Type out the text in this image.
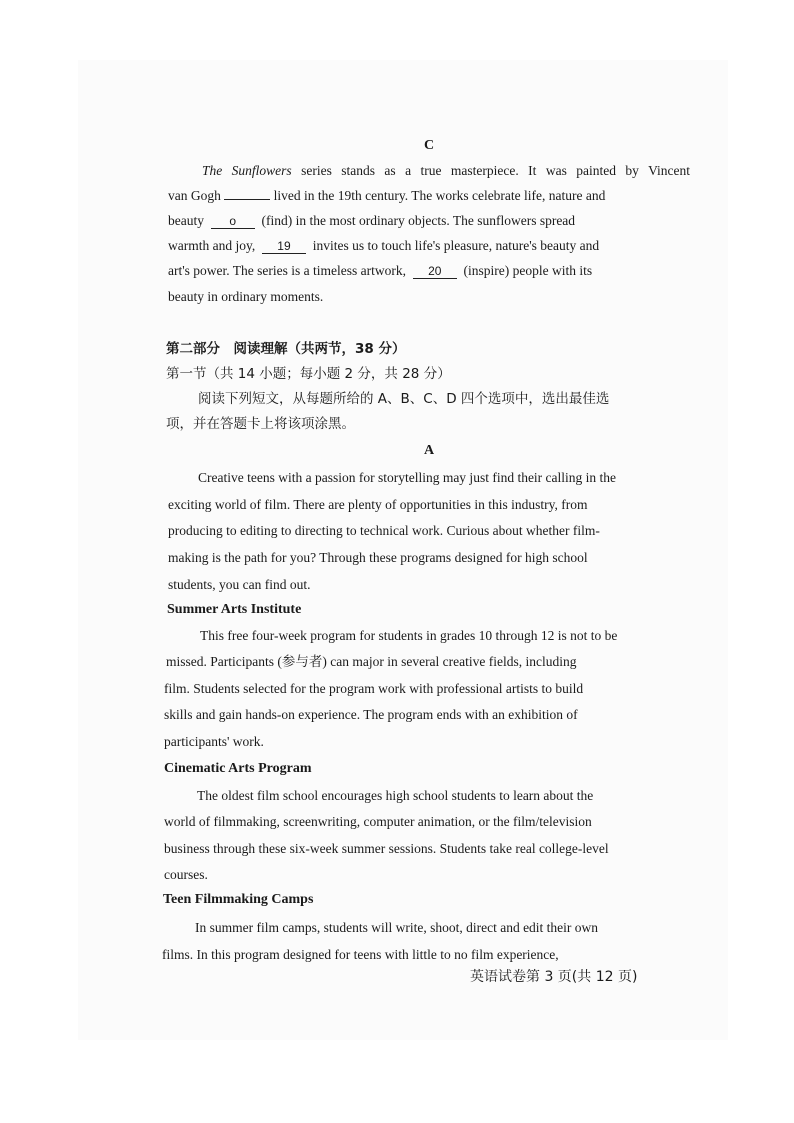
C
The Sunflowers series stands as a true masterpiece. It was painted by Vincent
van Gogh	lived in the 19th century. The works celebrate life, nature and
beauty o (find) in the most ordinary objects. The sunflowers spread
warmth and joy, 19 invites us to touch life's pleasure, nature's beauty and
art's power. The series is a timeless artwork, 20 (inspire) people with its
beauty in ordinary moments.
第二部分　阅读理解（共两节，38 分）
第一节（共 14 小题；每小题 2 分，共 28 分）
阅读下列短文，从每题所给的 A、B、C、D 四个选项中，选出最佳选
项，并在答题卡上将该项涂黑。
A
Creative teens with a passion for storytelling may just find their calling in the
exciting world of film. There are plenty of opportunities in this industry, from
producing to editing to directing to technical work. Curious about whether film-
making is the path for you? Through these programs designed for high school
students, you can find out.
Summer Arts Institute
This free four-week program for students in grades 10 through 12 is not to be
missed. Participants (参与者) can major in several creative fields, including
film. Students selected for the program work with professional artists to build
skills and gain hands-on experience. The program ends with an exhibition of
participants' work.
Cinematic Arts Program
The oldest film school encourages high school students to learn about the
world of filmmaking, screenwriting, computer animation, or the film/television
business through these six-week summer sessions. Students take real college-level
courses.
Teen Filmmaking Camps
In summer film camps, students will write, shoot, direct and edit their own
films. In this program designed for teens with little to no film experience,
英语试卷第 3 页(共 12 页)
